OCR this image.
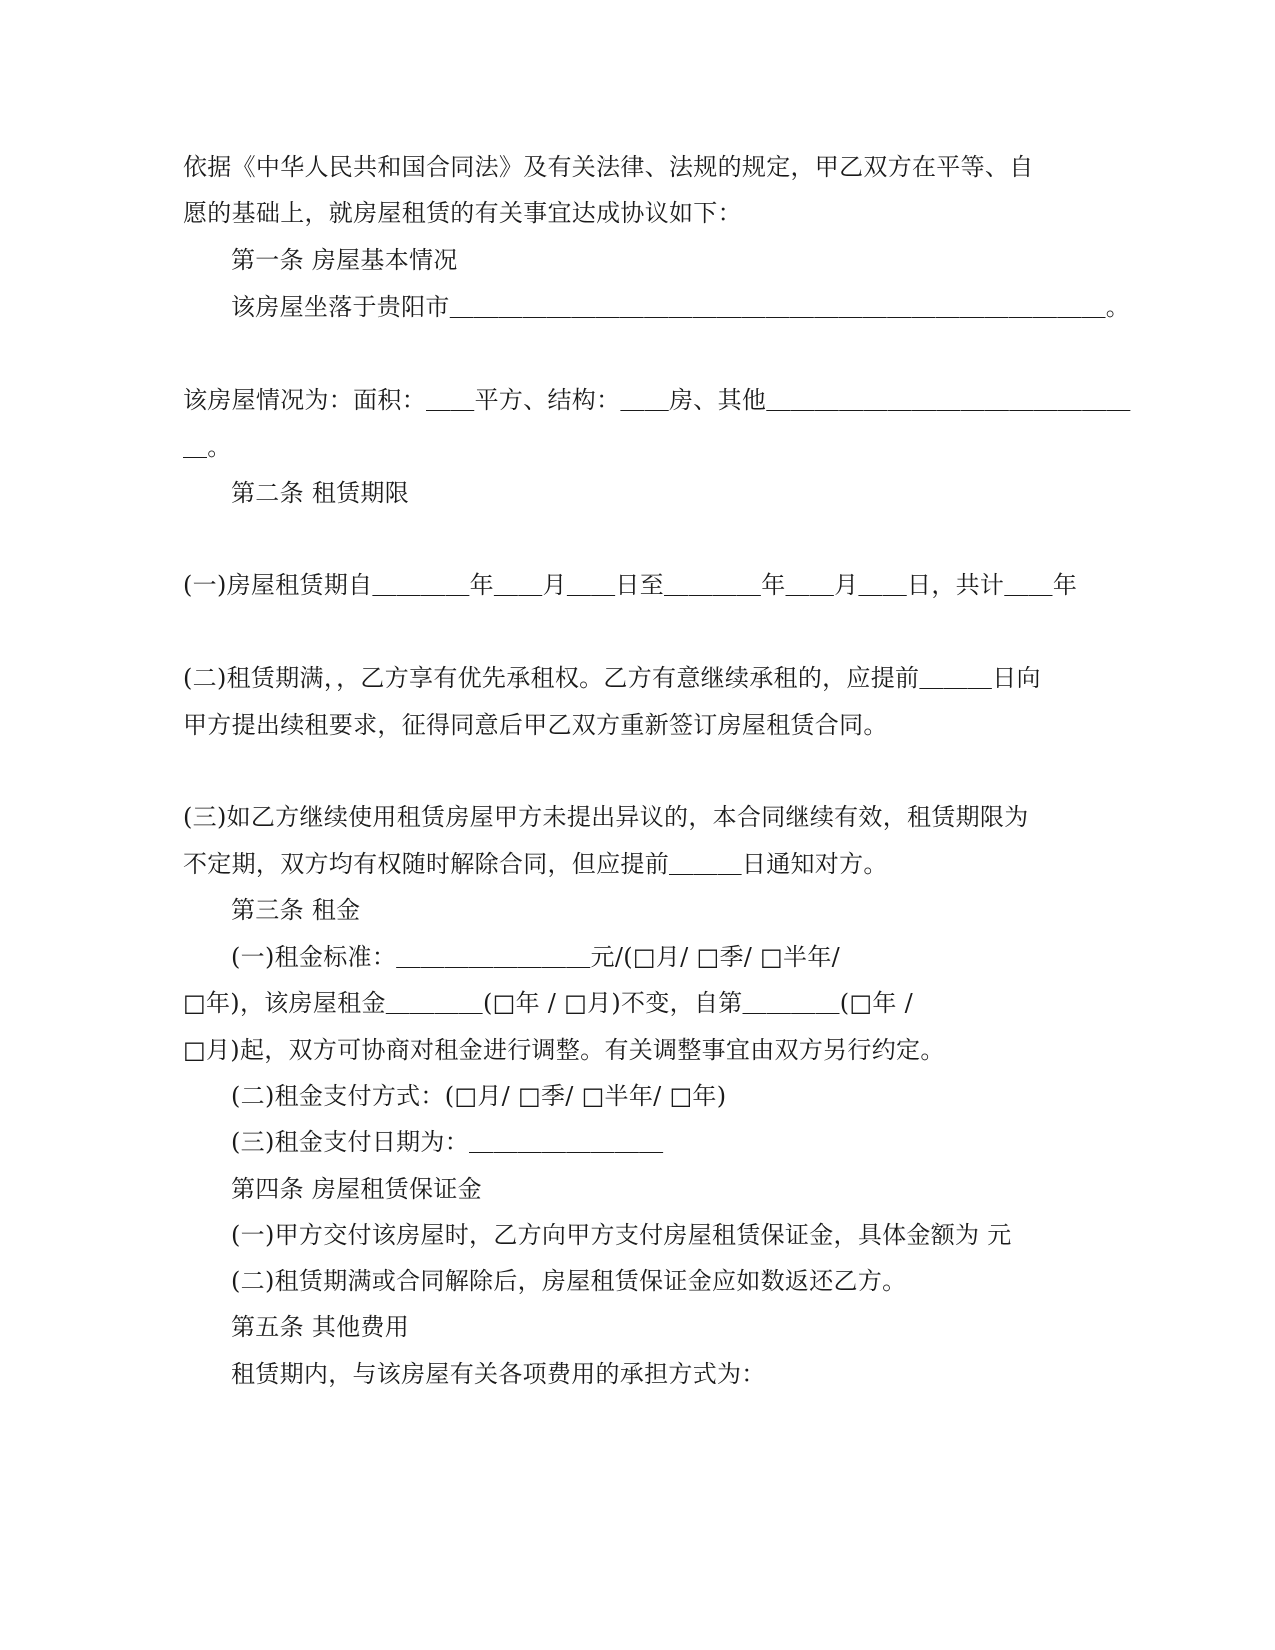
依据《中华人民共和国合同法》及有关法律、法规的规定，甲乙双方在平等、自
愿的基础上，就房屋租赁的有关事宜达成协议如下：
第一条 房屋基本情况
该房屋坐落于贵阳市＿＿＿＿＿＿＿＿＿＿＿＿＿＿＿＿＿＿＿＿＿＿＿＿＿＿＿。
该房屋情况为：面积：＿＿平方、结构：＿＿房、其他＿＿＿＿＿＿＿＿＿＿＿＿＿＿＿
＿。
第二条 租赁期限
(一)房屋租赁期自＿＿＿＿年＿＿月＿＿日至＿＿＿＿年＿＿月＿＿日，共计＿＿年
(二)租赁期满，，乙方享有优先承租权。乙方有意继续承租的，应提前＿＿＿日向
甲方提出续租要求，征得同意后甲乙双方重新签订房屋租赁合同。
(三)如乙方继续使用租赁房屋甲方未提出异议的，本合同继续有效，租赁期限为
不定期，双方均有权随时解除合同，但应提前＿＿＿日通知对方。
第三条 租金
(一)租金标准：＿＿＿＿＿＿＿＿元/(□月/ □季/ □半年/
□年)，该房屋租金＿＿＿＿(□年 / □月)不变，自第＿＿＿＿(□年 /
□月)起，双方可协商对租金进行调整。有关调整事宜由双方另行约定。
(二)租金支付方式：(□月/ □季/ □半年/ □年)
(三)租金支付日期为：＿＿＿＿＿＿＿＿
第四条 房屋租赁保证金
(一)甲方交付该房屋时，乙方向甲方支付房屋租赁保证金，具体金额为 元
(二)租赁期满或合同解除后，房屋租赁保证金应如数返还乙方。
第五条 其他费用
租赁期内，与该房屋有关各项费用的承担方式为：
